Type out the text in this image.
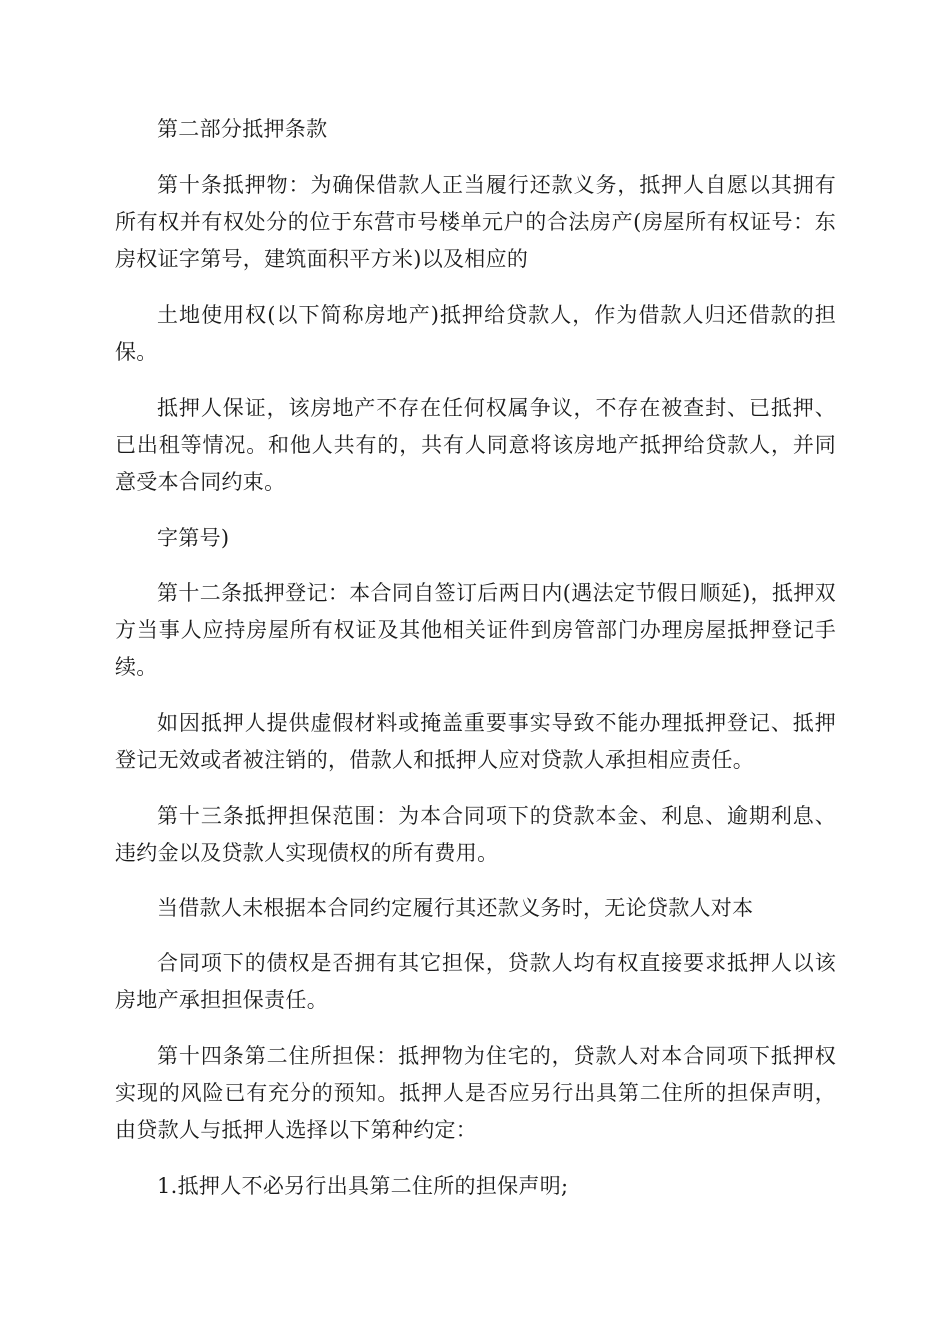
第二部分抵押条款

第十条抵押物：为确保借款人正当履行还款义务，抵押人自愿以其拥有所有权并有权处分的位于东营市号楼单元户的合法房产(房屋所有权证号：东房权证字第号，建筑面积平方米)以及相应的

土地使用权(以下简称房地产)抵押给贷款人，作为借款人归还借款的担保。

抵押人保证，该房地产不存在任何权属争议，不存在被查封、已抵押、已出租等情况。和他人共有的，共有人同意将该房地产抵押给贷款人，并同意受本合同约束。

字第号)

第十二条抵押登记：本合同自签订后两日内(遇法定节假日顺延)，抵押双方当事人应持房屋所有权证及其他相关证件到房管部门办理房屋抵押登记手续。

如因抵押人提供虚假材料或掩盖重要事实导致不能办理抵押登记、抵押登记无效或者被注销的，借款人和抵押人应对贷款人承担相应责任。

第十三条抵押担保范围：为本合同项下的贷款本金、利息、逾期利息、违约金以及贷款人实现债权的所有费用。

当借款人未根据本合同约定履行其还款义务时，无论贷款人对本

合同项下的债权是否拥有其它担保，贷款人均有权直接要求抵押人以该房地产承担担保责任。

第十四条第二住所担保：抵押物为住宅的，贷款人对本合同项下抵押权实现的风险已有充分的预知。抵押人是否应另行出具第二住所的担保声明，由贷款人与抵押人选择以下第种约定：

1.抵押人不必另行出具第二住所的担保声明;
